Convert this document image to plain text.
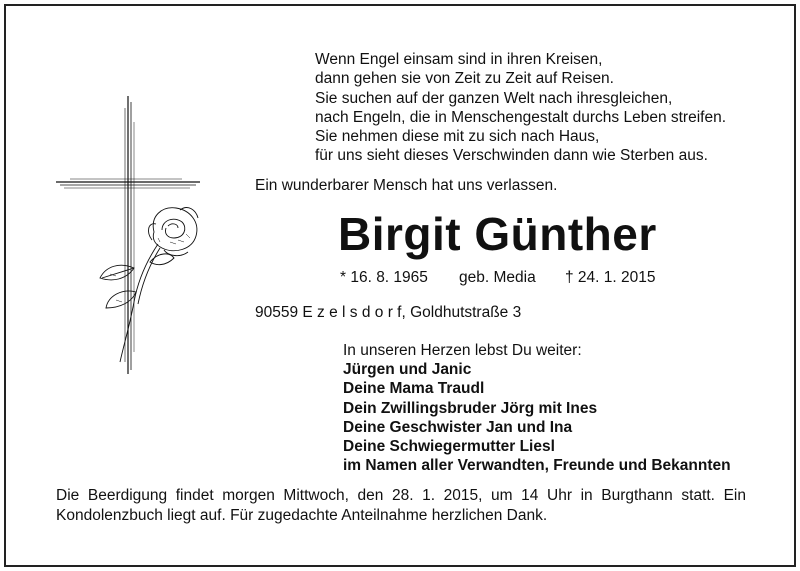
Wenn Engel einsam sind in ihren Kreisen,
dann gehen sie von Zeit zu Zeit auf Reisen.
Sie suchen auf der ganzen Welt nach ihresgleichen,
nach Engeln, die in Menschengestalt durchs Leben streifen.
Sie nehmen diese mit zu sich nach Haus,
für uns sieht dieses Verschwinden dann wie Sterben aus.
Ein wunderbarer Mensch hat uns verlassen.
Birgit Günther
* 16. 8. 1965 geb. Media † 24. 1. 2015
90559 E z e l s d o r f, Goldhutstraße 3
In unseren Herzen lebst Du weiter:
Jürgen und Janic
Deine Mama Traudl
Dein Zwillingsbruder Jörg mit Ines
Deine Geschwister Jan und Ina
Deine Schwiegermutter Liesl
im Namen aller Verwandten, Freunde und Bekannten
Die Beerdigung findet morgen Mittwoch, den 28. 1. 2015, um 14 Uhr in Burgthann statt. Ein Kondolenzbuch liegt auf. Für zugedachte Anteilnahme herzlichen Dank.
